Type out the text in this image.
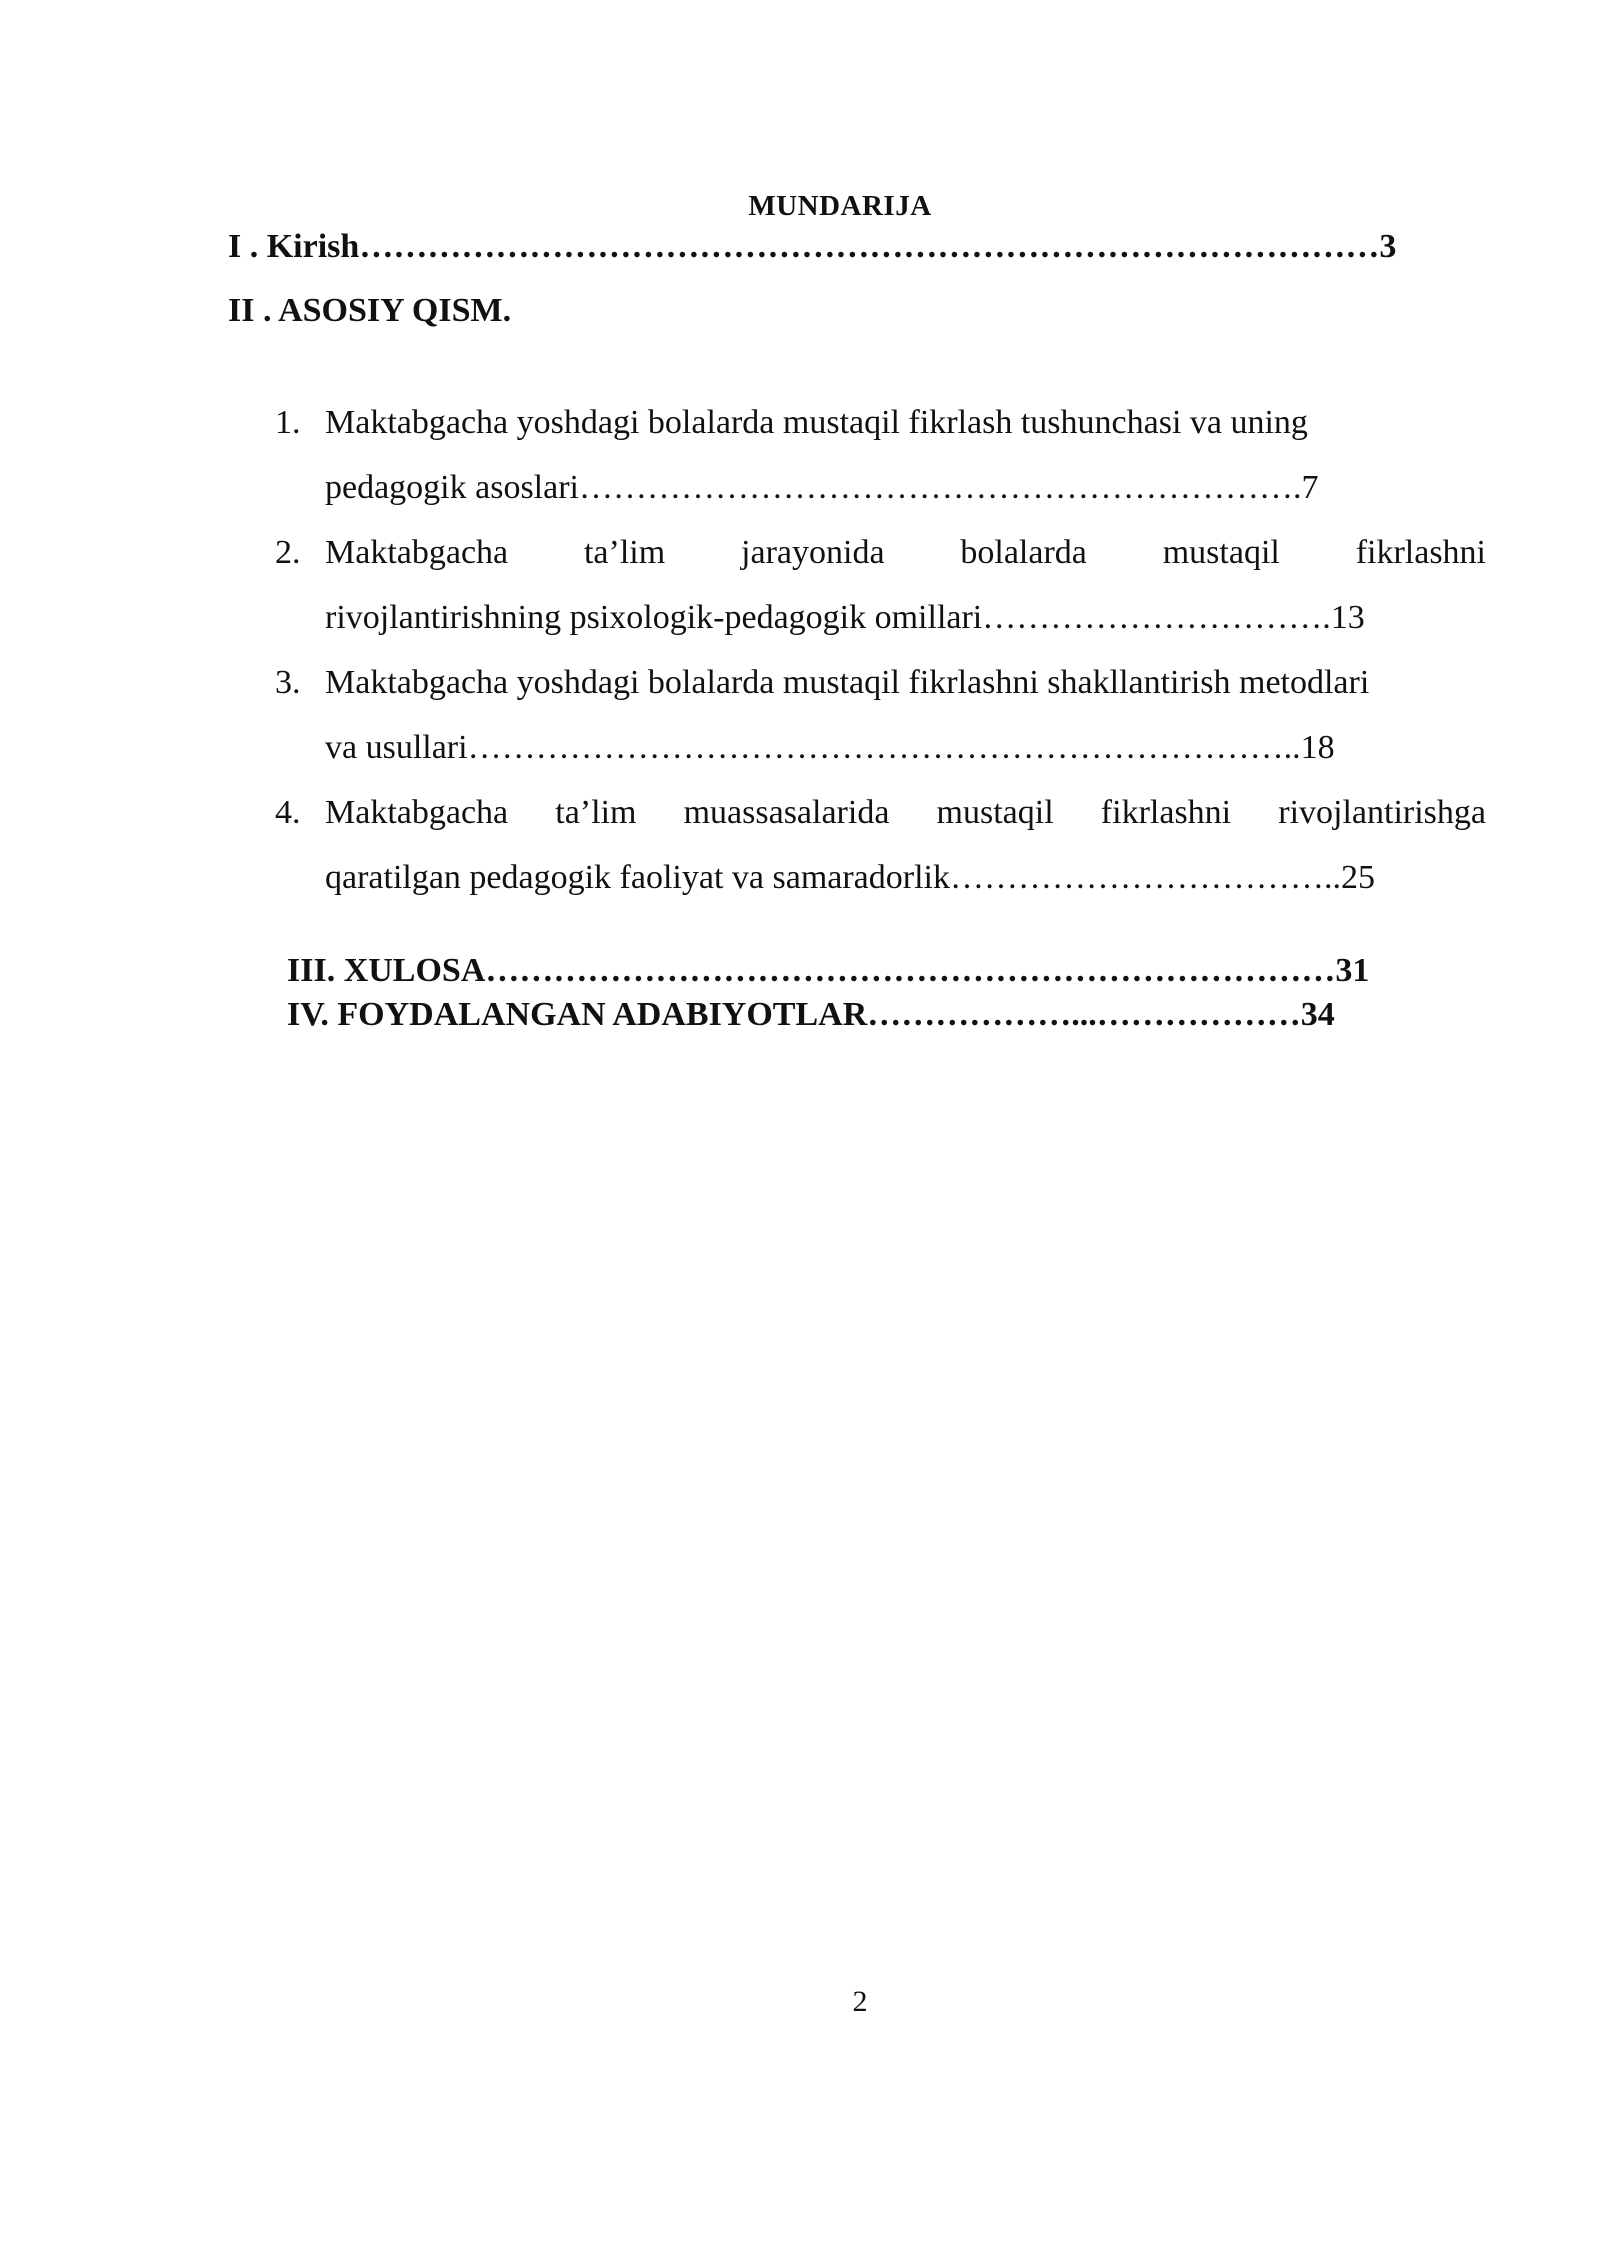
MUNDARIJA
I . Kirish………………………………………………………………………………3
II . ASOSIY QISM.
1. Maktabgacha yoshdagi bolalarda mustaqil fikrlash tushunchasi va uning
pedagogik asoslari……………………………………………………….7
2. Maktabgacha ta’lim jarayonida bolalarda mustaqil fikrlashni
rivojlantirishning psixologik-pedagogik omillari………………………….13
3. Maktabgacha yoshdagi bolalarda mustaqil fikrlashni shakllantirish metodlari
va usullari………………………………………………………………..18
4. Maktabgacha ta’lim muassasalarida mustaqil fikrlashni rivojlantirishga
qaratilgan pedagogik faoliyat va samaradorlik……………………………..25
III. XULOSA…………………………………………………………………31
IV. FOYDALANGAN ADABIYOTLAR………………...………………34
2
